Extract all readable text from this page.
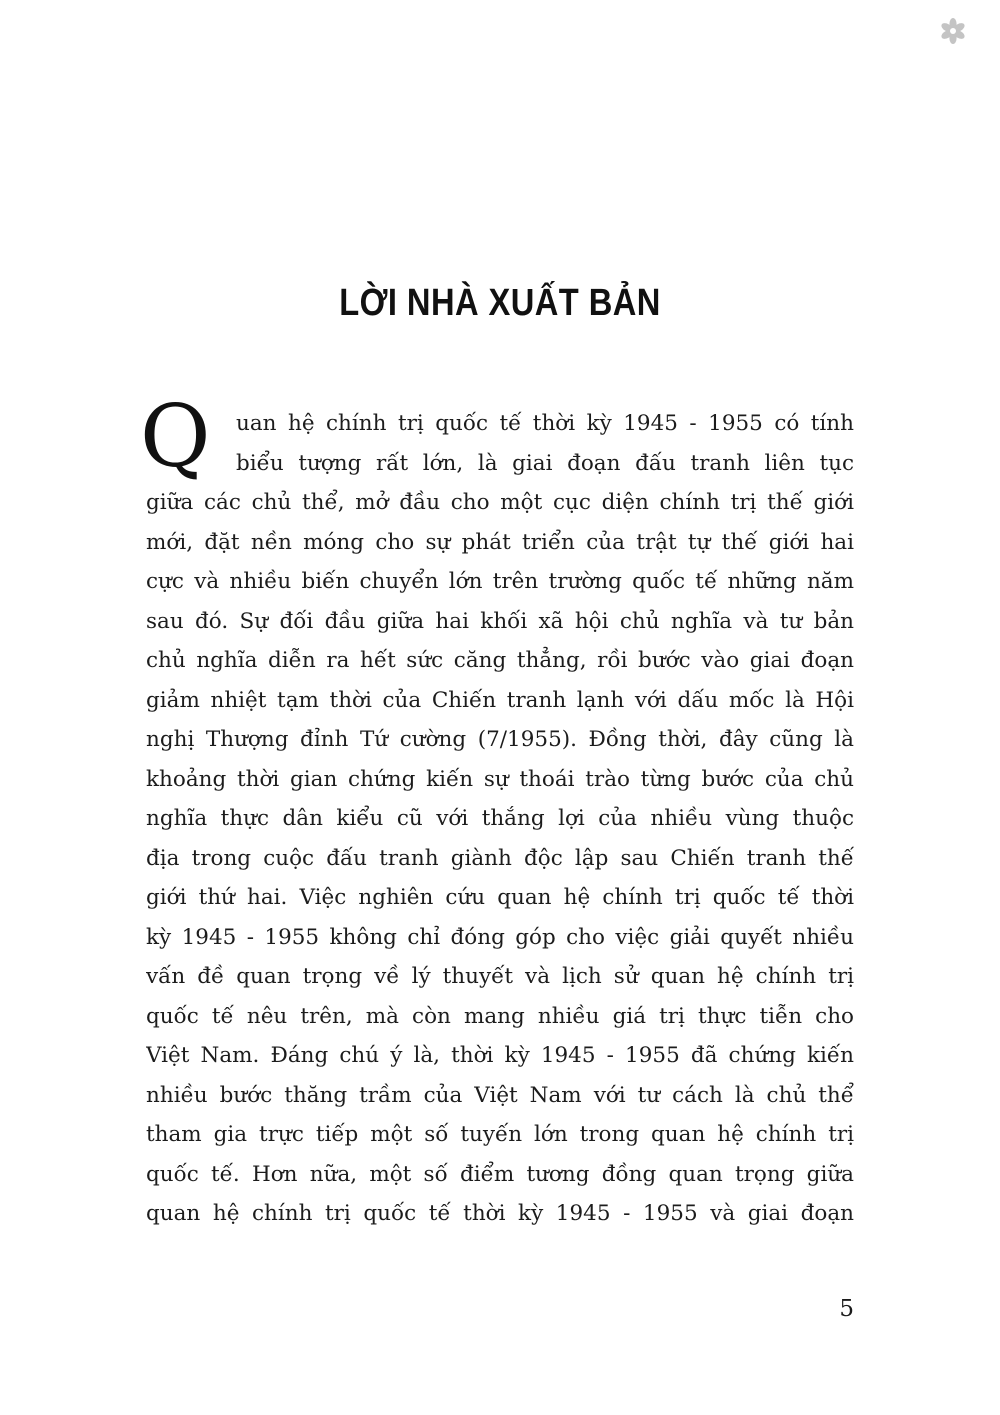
LỜI NHÀ XUẤT BẢN
Q	uan hệ chính trị quốc tế thời kỳ 1945 - 1955 có tính
biểu tượng rất lớn, là giai đoạn đấu tranh liên tục
giữa các chủ thể, mở đầu cho một cục diện chính trị thế giới
mới, đặt nền móng cho sự phát triển của trật tự thế giới hai
cực và nhiều biến chuyển lớn trên trường quốc tế những năm
sau đó. Sự đối đầu giữa hai khối xã hội chủ nghĩa và tư bản
chủ nghĩa diễn ra hết sức căng thẳng, rồi bước vào giai đoạn
giảm nhiệt tạm thời của Chiến tranh lạnh với dấu mốc là Hội
nghị Thượng đỉnh Tứ cường (7/1955). Đồng thời, đây cũng là
khoảng thời gian chứng kiến sự thoái trào từng bước của chủ
nghĩa thực dân kiểu cũ với thắng lợi của nhiều vùng thuộc
địa trong cuộc đấu tranh giành độc lập sau Chiến tranh thế
giới thứ hai. Việc nghiên cứu quan hệ chính trị quốc tế thời
kỳ 1945 - 1955 không chỉ đóng góp cho việc giải quyết nhiều
vấn đề quan trọng về lý thuyết và lịch sử quan hệ chính trị
quốc tế nêu trên, mà còn mang nhiều giá trị thực tiễn cho
Việt Nam. Đáng chú ý là, thời kỳ 1945 - 1955 đã chứng kiến
nhiều bước thăng trầm của Việt Nam với tư cách là chủ thể
tham gia trực tiếp một số tuyến lớn trong quan hệ chính trị
quốc tế. Hơn nữa, một số điểm tương đồng quan trọng giữa
quan hệ chính trị quốc tế thời kỳ 1945 - 1955 và giai đoạn
5
